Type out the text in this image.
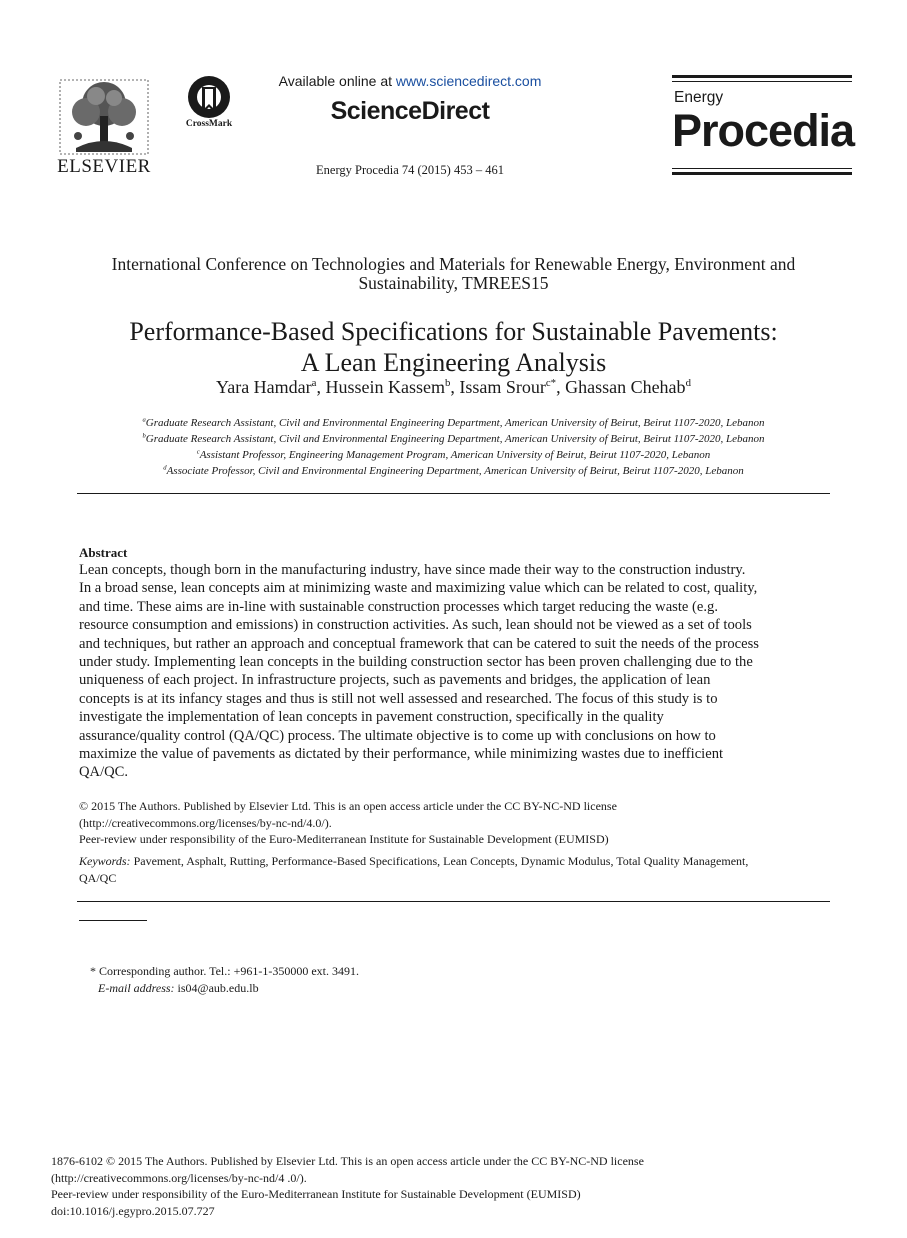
ELSEVIER
CrossMark
Available online at www.sciencedirect.com
ScienceDirect
Energy Procedia 74 (2015) 453 – 461
Energy
Procedia
International Conference on Technologies and Materials for Renewable Energy, Environment and
Sustainability, TMREES15
Performance-Based Specifications for Sustainable Pavements:
A Lean Engineering Analysis
Yara Hamdar$^a$, Hussein Kassem$^b$, Issam Srour$^{c*}$, Ghassan Chehab$^d$
$^a$Graduate Research Assistant, Civil and Environmental Engineering Department, American University of Beirut, Beirut 1107-2020, Lebanon
$^b$Graduate Research Assistant, Civil and Environmental Engineering Department, American University of Beirut, Beirut 1107-2020, Lebanon
$^c$Assistant Professor, Engineering Management Program, American University of Beirut, Beirut 1107-2020, Lebanon
$^d$Associate Professor, Civil and Environmental Engineering Department, American University of Beirut, Beirut 1107-2020, Lebanon
Abstract
Lean concepts, though born in the manufacturing industry, have since made their way to the construction industry.
In a broad sense, lean concepts aim at minimizing waste and maximizing value which can be related to cost, quality,
and time. These aims are in-line with sustainable construction processes which target reducing the waste (e.g.
resource consumption and emissions) in construction activities. As such, lean should not be viewed as a set of tools
and techniques, but rather an approach and conceptual framework that can be catered to suit the needs of the process
under study. Implementing lean concepts in the building construction sector has been proven challenging due to the
uniqueness of each project. In infrastructure projects, such as pavements and bridges, the application of lean
concepts is at its infancy stages and thus is still not well assessed and researched. The focus of this study is to
investigate the implementation of lean concepts in pavement construction, specifically in the quality
assurance/quality control (QA/QC) process. The ultimate objective is to come up with conclusions on how to
maximize the value of pavements as dictated by their performance, while minimizing wastes due to inefficient
QA/QC.
© 2015 The Authors. Published by Elsevier Ltd. This is an open access article under the CC BY-NC-ND license
(http://creativecommons.org/licenses/by-nc-nd/4.0/).
Peer-review under responsibility of the Euro-Mediterranean Institute for Sustainable Development (EUMISD)
Keywords: Pavement, Asphalt, Rutting, Performance-Based Specifications, Lean Concepts, Dynamic Modulus, Total Quality Management,
QA/QC
* Corresponding author. Tel.: +961-1-350000 ext. 3491.
E-mail address: is04@aub.edu.lb
1876-6102 © 2015 The Authors. Published by Elsevier Ltd. This is an open access article under the CC BY-NC-ND license
(http://creativecommons.org/licenses/by-nc-nd/4 .0/).
Peer-review under responsibility of the Euro-Mediterranean Institute for Sustainable Development (EUMISD)
doi:10.1016/j.egypro.2015.07.727
